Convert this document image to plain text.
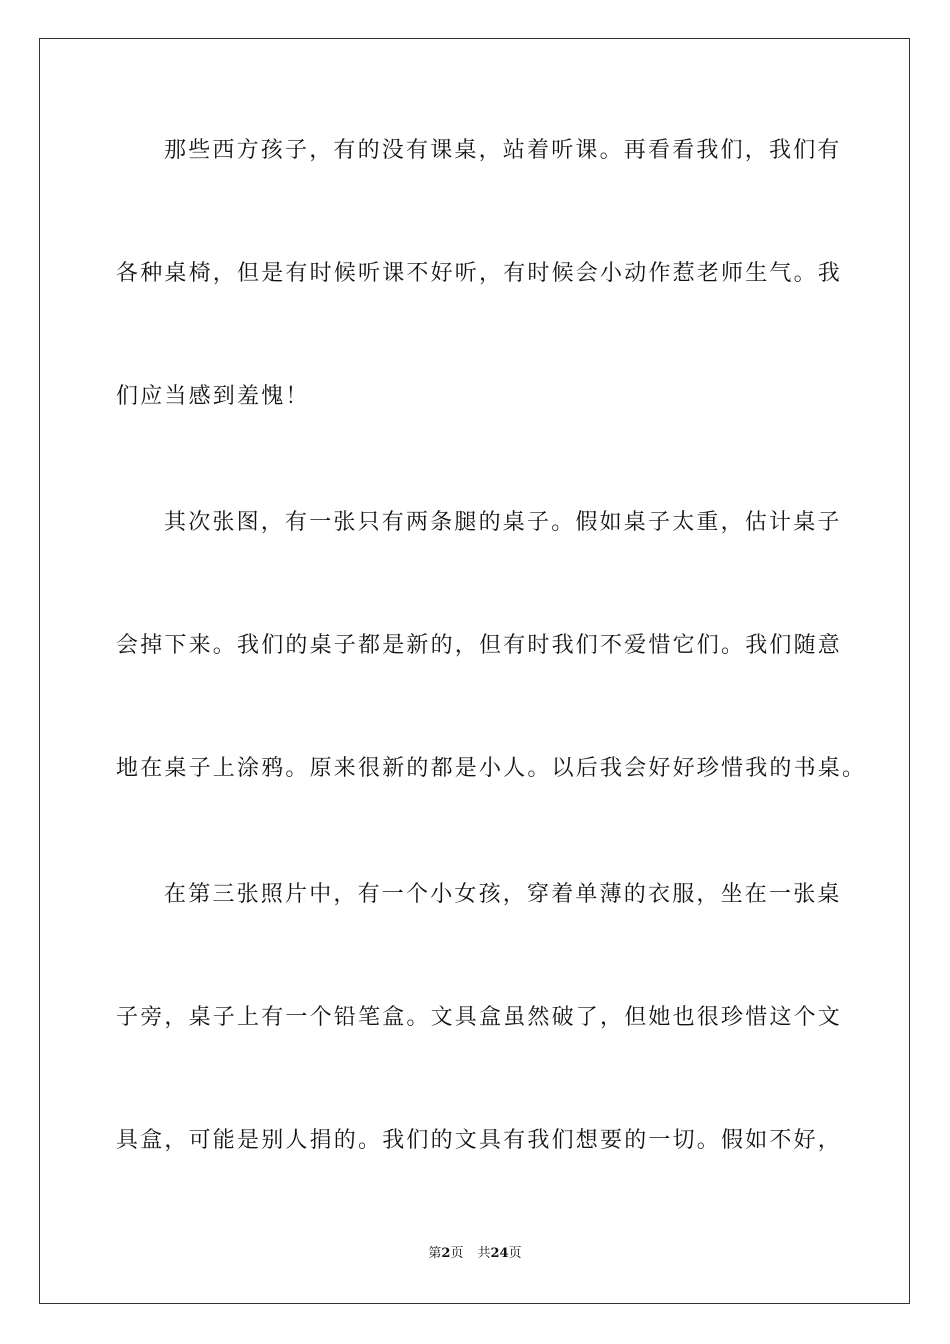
那些西方孩子，有的没有课桌，站着听课。再看看我们，我们有
各种桌椅，但是有时候听课不好听，有时候会小动作惹老师生气。我
们应当感到羞愧！
其次张图，有一张只有两条腿的桌子。假如桌子太重，估计桌子
会掉下来。我们的桌子都是新的，但有时我们不爱惜它们。我们随意
地在桌子上涂鸦。原来很新的都是小人。以后我会好好珍惜我的书桌。
在第三张照片中，有一个小女孩，穿着单薄的衣服，坐在一张桌
子旁，桌子上有一个铅笔盒。文具盒虽然破了，但她也很珍惜这个文
具盒，可能是别人捐的。我们的文具有我们想要的一切。假如不好，
第2页 共24页
